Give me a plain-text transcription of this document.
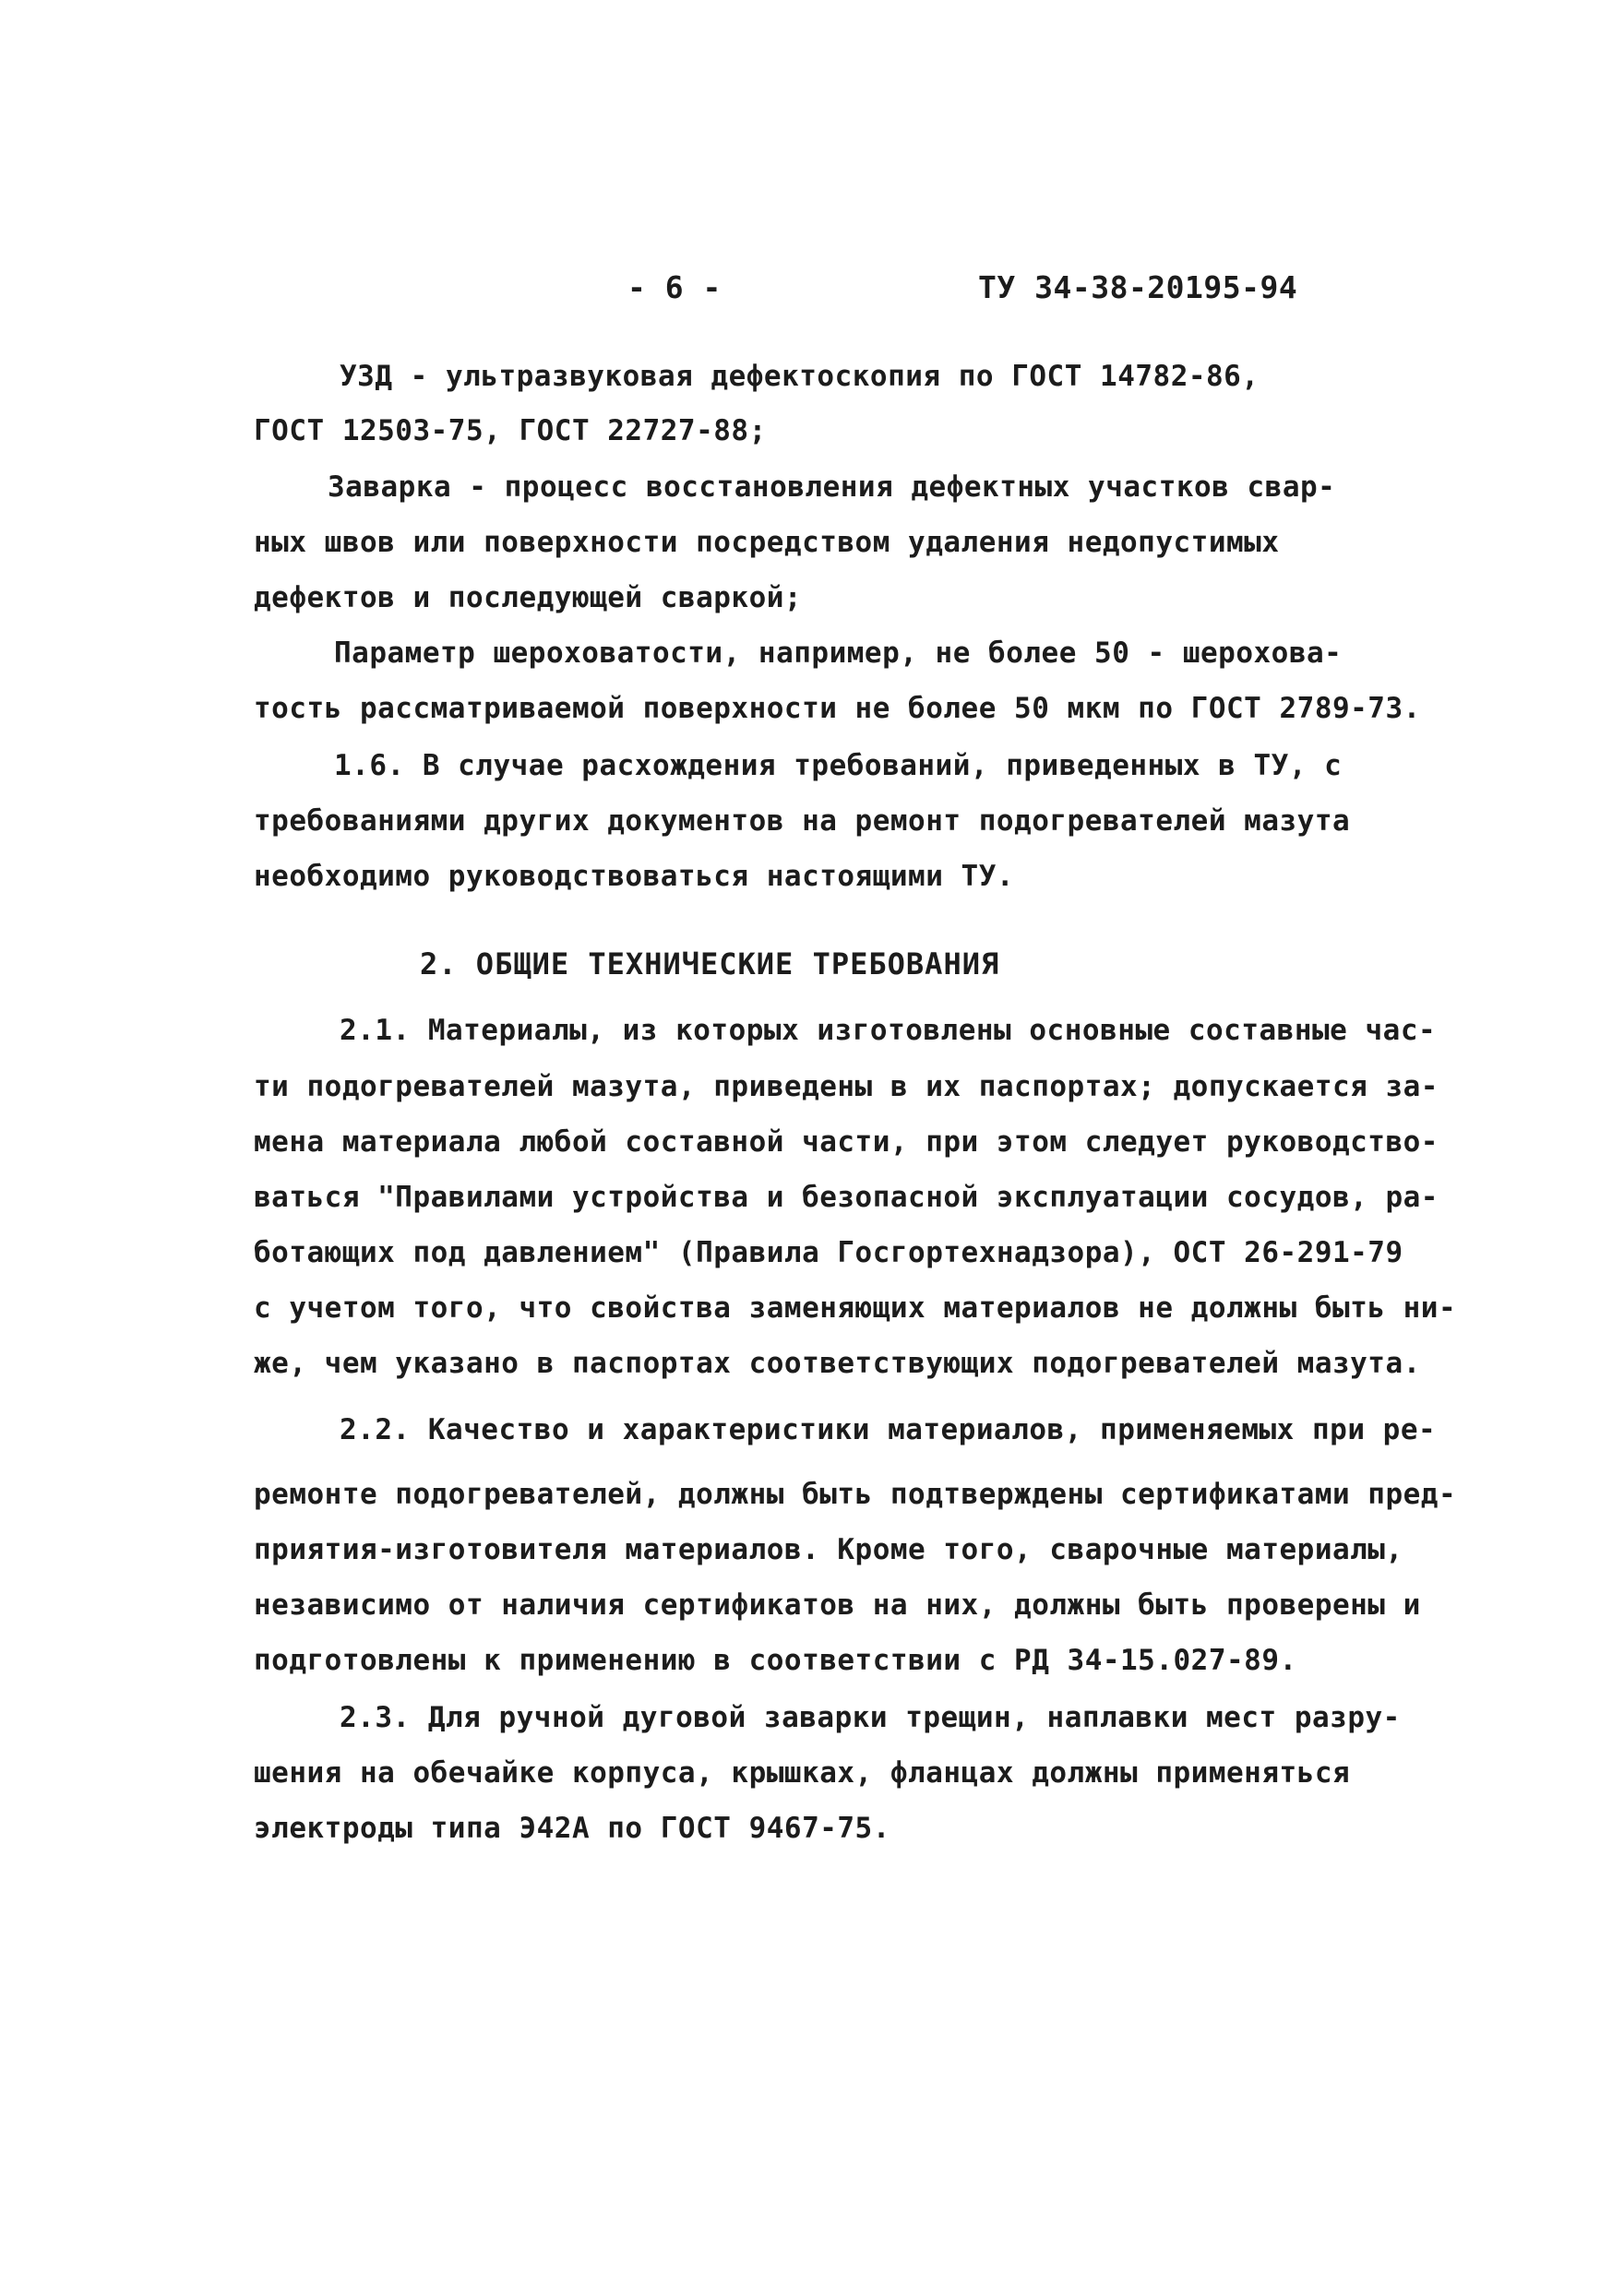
- 6 -	ТУ 34-38-20195-94
УЗД - ультразвуковая дефектоскопия по ГОСТ 14782-86,
ГОСТ 12503-75, ГОСТ 22727-88;
Заварка - процесс восстановления дефектных участков свар-
ных швов или поверхности посредством удаления недопустимых
дефектов и последующей сваркой;
Параметр шероховатости, например, не более 50 - шерохова-
тость рассматриваемой поверхности не более 50 мкм по ГОСТ 2789-73.
1.6. В случае расхождения требований, приведенных в ТУ, с
требованиями других документов на ремонт подогревателей мазута
необходимо руководствоваться настоящими ТУ.
2. ОБЩИЕ ТЕХНИЧЕСКИЕ ТРЕБОВАНИЯ
2.1. Материалы, из которых изготовлены основные составные час-
ти подогревателей мазута, приведены в их паспортах; допускается за-
мена материала любой составной части, при этом следует руководство-
ваться "Правилами устройства и безопасной эксплуатации сосудов, ра-
ботающих под давлением" (Правила Госгортехнадзора), ОСТ 26-291-79
с учетом того, что свойства заменяющих материалов не должны быть ни-
же, чем указано в паспортах соответствующих подогревателей мазута.
2.2. Качество и характеристики материалов, применяемых при ре-
ремонте подогревателей, должны быть подтверждены сертификатами пред-
приятия-изготовителя материалов. Кроме того, сварочные материалы,
независимо от наличия сертификатов на них, должны быть проверены и
подготовлены к применению в соответствии с РД 34-15.027-89.
2.3. Для ручной дуговой заварки трещин, наплавки мест разру-
шения на обечайке корпуса, крышках, фланцах должны применяться
электроды типа Э42А по ГОСТ 9467-75.
